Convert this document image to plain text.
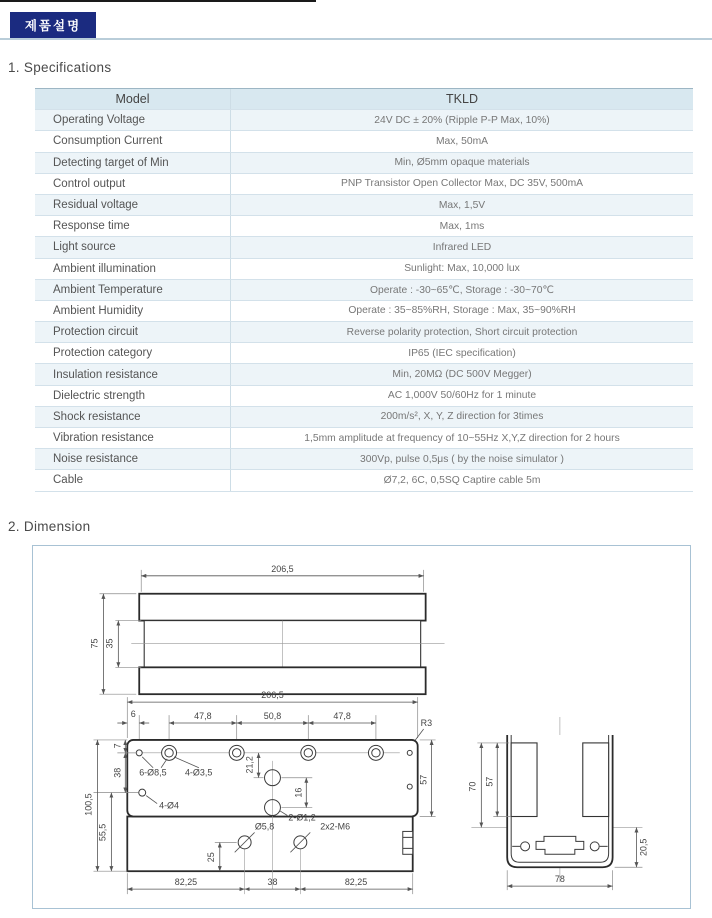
제품설명
1. Specifications
Model	TKLD
Operating Voltage	24V DC ± 20% (Ripple P-P Max, 10%)
Consumption Current	Max, 50mA
Detecting target of Min	Min, Ø5mm opaque materials
Control output	PNP Transistor Open Collector Max, DC 35V, 500mA
Residual voltage	Max, 1,5V
Response time	Max, 1ms
Light source	Infrared LED
Ambient illumination	Sunlight: Max, 10,000 lux
Ambient Temperature	Operate : -30~65℃, Storage : -30~70℃
Ambient Humidity	Operate : 35~85%RH, Storage : Max, 35~90%RH
Protection circuit	Reverse polarity protection, Short circuit protection
Protection category	IP65 (IEC specification)
Insulation resistance	Min, 20MΩ (DC 500V Megger)
Dielectric strength	AC 1,000V 50/60Hz for 1 minute
Shock resistance	200m/s², X, Y, Z direction for 3times
Vibration resistance	1,5mm amplitude at frequency of 10~55Hz X,Y,Z direction for 2 hours
Noise resistance	300Vp, pulse 0,5μs ( by the noise simulator )
Cable	Ø7,2, 6C, 0,5SQ Captire cable 5m
2. Dimension
206,5
75 35
206,5
6	47,8	50,8	47,8
R3
6-Ø8,5 4-Ø3,5
4-Ø4
21,2
16
2-Ø1,2
Ø5,8	2x2-M6
25
7
38
100,5
55,5
57
82,25	38	82,25
70 57
20,5
78
